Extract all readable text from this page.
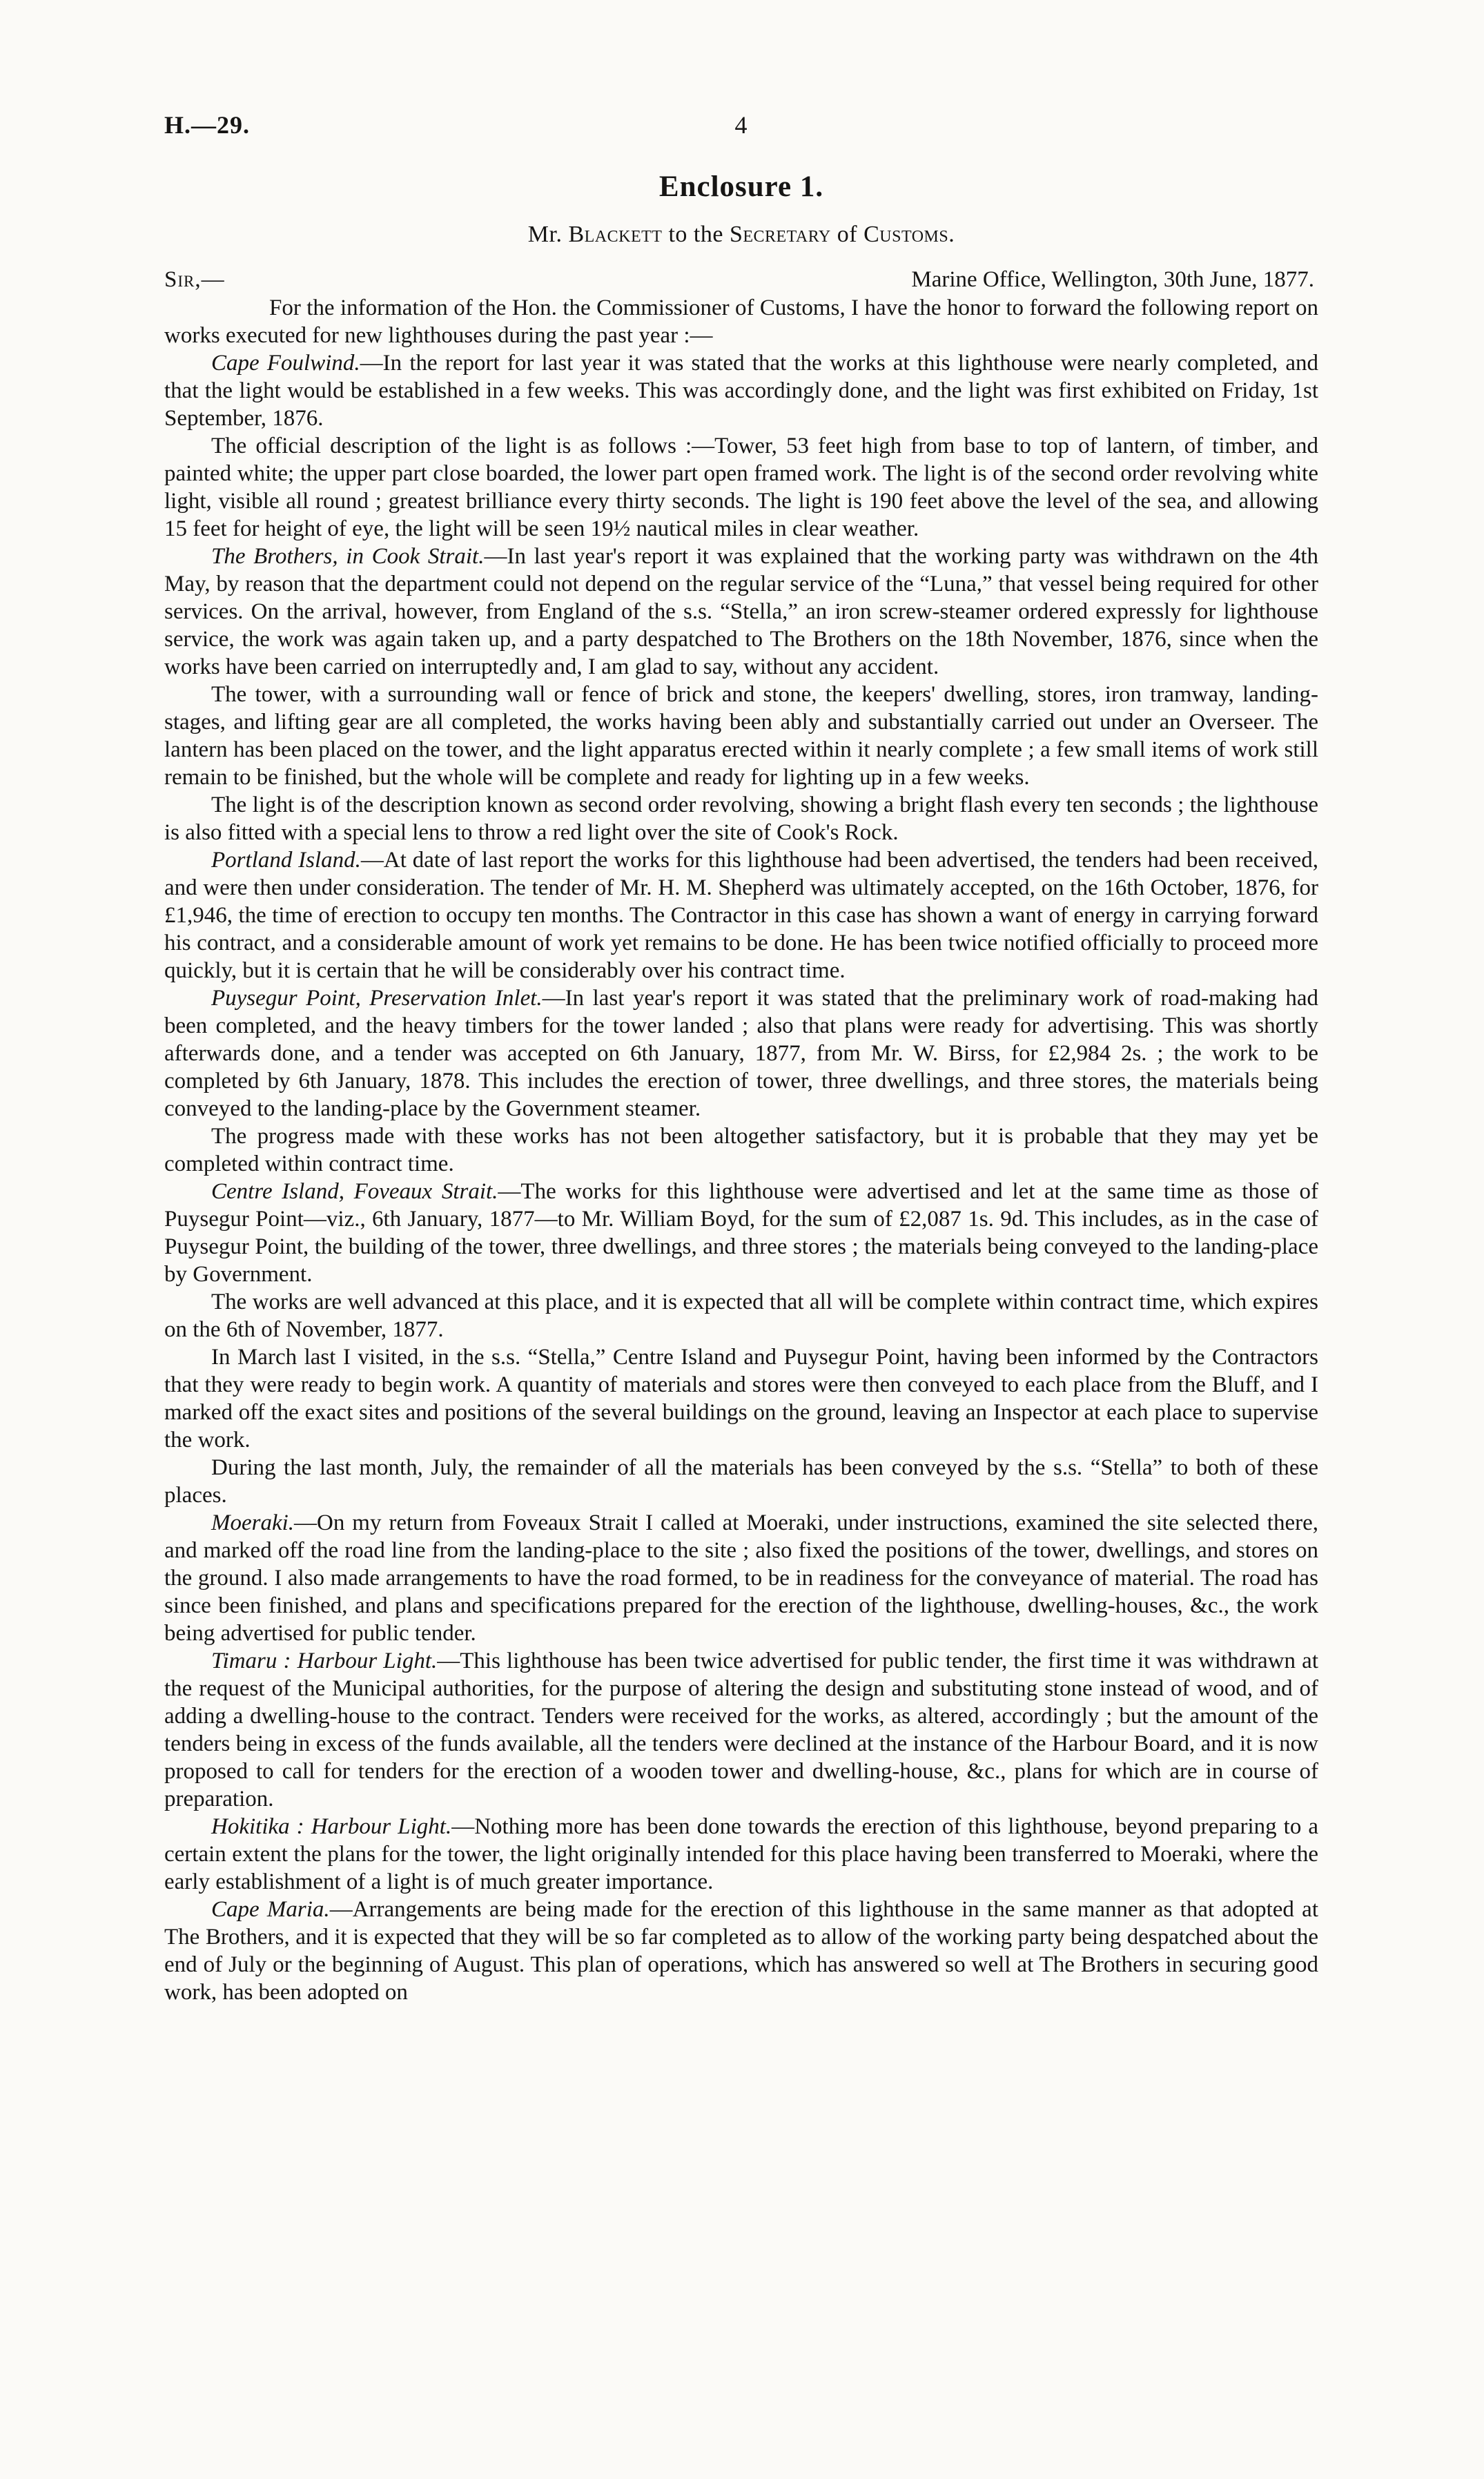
H.—29.	4
Enclosure 1.
Mr. Blackett to the Secretary of Customs.
Sir,—	Marine Office, Wellington, 30th June, 1877.

For the information of the Hon. the Commissioner of Customs, I have the honor to forward the following report on works executed for new lighthouses during the past year :—

Cape Foulwind.—In the report for last year it was stated that the works at this lighthouse were nearly completed, and that the light would be established in a few weeks. This was accordingly done, and the light was first exhibited on Friday, 1st September, 1876.

The official description of the light is as follows :—Tower, 53 feet high from base to top of lantern, of timber, and painted white; the upper part close boarded, the lower part open framed work. The light is of the second order revolving white light, visible all round ; greatest brilliance every thirty seconds. The light is 190 feet above the level of the sea, and allowing 15 feet for height of eye, the light will be seen 19½ nautical miles in clear weather.

The Brothers, in Cook Strait.—In last year's report it was explained that the working party was withdrawn on the 4th May, by reason that the department could not depend on the regular service of the “Luna,” that vessel being required for other services. On the arrival, however, from England of the s.s. “Stella,” an iron screw-steamer ordered expressly for lighthouse service, the work was again taken up, and a party despatched to The Brothers on the 18th November, 1876, since when the works have been carried on interruptedly and, I am glad to say, without any accident.

The tower, with a surrounding wall or fence of brick and stone, the keepers' dwelling, stores, iron tramway, landing-stages, and lifting gear are all completed, the works having been ably and substantially carried out under an Overseer. The lantern has been placed on the tower, and the light apparatus erected within it nearly complete ; a few small items of work still remain to be finished, but the whole will be complete and ready for lighting up in a few weeks.

The light is of the description known as second order revolving, showing a bright flash every ten seconds ; the lighthouse is also fitted with a special lens to throw a red light over the site of Cook's Rock.

Portland Island.—At date of last report the works for this lighthouse had been advertised, the tenders had been received, and were then under consideration. The tender of Mr. H. M. Shepherd was ultimately accepted, on the 16th October, 1876, for £1,946, the time of erection to occupy ten months. The Contractor in this case has shown a want of energy in carrying forward his contract, and a considerable amount of work yet remains to be done. He has been twice notified officially to proceed more quickly, but it is certain that he will be considerably over his contract time.

Puysegur Point, Preservation Inlet.—In last year's report it was stated that the preliminary work of road-making had been completed, and the heavy timbers for the tower landed ; also that plans were ready for advertising. This was shortly afterwards done, and a tender was accepted on 6th January, 1877, from Mr. W. Birss, for £2,984 2s. ; the work to be completed by 6th January, 1878. This includes the erection of tower, three dwellings, and three stores, the materials being conveyed to the landing-place by the Government steamer.

The progress made with these works has not been altogether satisfactory, but it is probable that they may yet be completed within contract time.

Centre Island, Foveaux Strait.—The works for this lighthouse were advertised and let at the same time as those of Puysegur Point—viz., 6th January, 1877—to Mr. William Boyd, for the sum of £2,087 1s. 9d. This includes, as in the case of Puysegur Point, the building of the tower, three dwellings, and three stores ; the materials being conveyed to the landing-place by Government.

The works are well advanced at this place, and it is expected that all will be complete within contract time, which expires on the 6th of November, 1877.

In March last I visited, in the s.s. “Stella,” Centre Island and Puysegur Point, having been informed by the Contractors that they were ready to begin work. A quantity of materials and stores were then conveyed to each place from the Bluff, and I marked off the exact sites and positions of the several buildings on the ground, leaving an Inspector at each place to supervise the work.

During the last month, July, the remainder of all the materials has been conveyed by the s.s. “Stella” to both of these places.

Moeraki.—On my return from Foveaux Strait I called at Moeraki, under instructions, examined the site selected there, and marked off the road line from the landing-place to the site ; also fixed the positions of the tower, dwellings, and stores on the ground. I also made arrangements to have the road formed, to be in readiness for the conveyance of material. The road has since been finished, and plans and specifications prepared for the erection of the lighthouse, dwelling-houses, &c., the work being advertised for public tender.

Timaru : Harbour Light.—This lighthouse has been twice advertised for public tender, the first time it was withdrawn at the request of the Municipal authorities, for the purpose of altering the design and substituting stone instead of wood, and of adding a dwelling-house to the contract. Tenders were received for the works, as altered, accordingly ; but the amount of the tenders being in excess of the funds available, all the tenders were declined at the instance of the Harbour Board, and it is now proposed to call for tenders for the erection of a wooden tower and dwelling-house, &c., plans for which are in course of preparation.

Hokitika : Harbour Light.—Nothing more has been done towards the erection of this lighthouse, beyond preparing to a certain extent the plans for the tower, the light originally intended for this place having been transferred to Moeraki, where the early establishment of a light is of much greater importance.

Cape Maria.—Arrangements are being made for the erection of this lighthouse in the same manner as that adopted at The Brothers, and it is expected that they will be so far completed as to allow of the working party being despatched about the end of July or the beginning of August. This plan of operations, which has answered so well at The Brothers in securing good work, has been adopted on
